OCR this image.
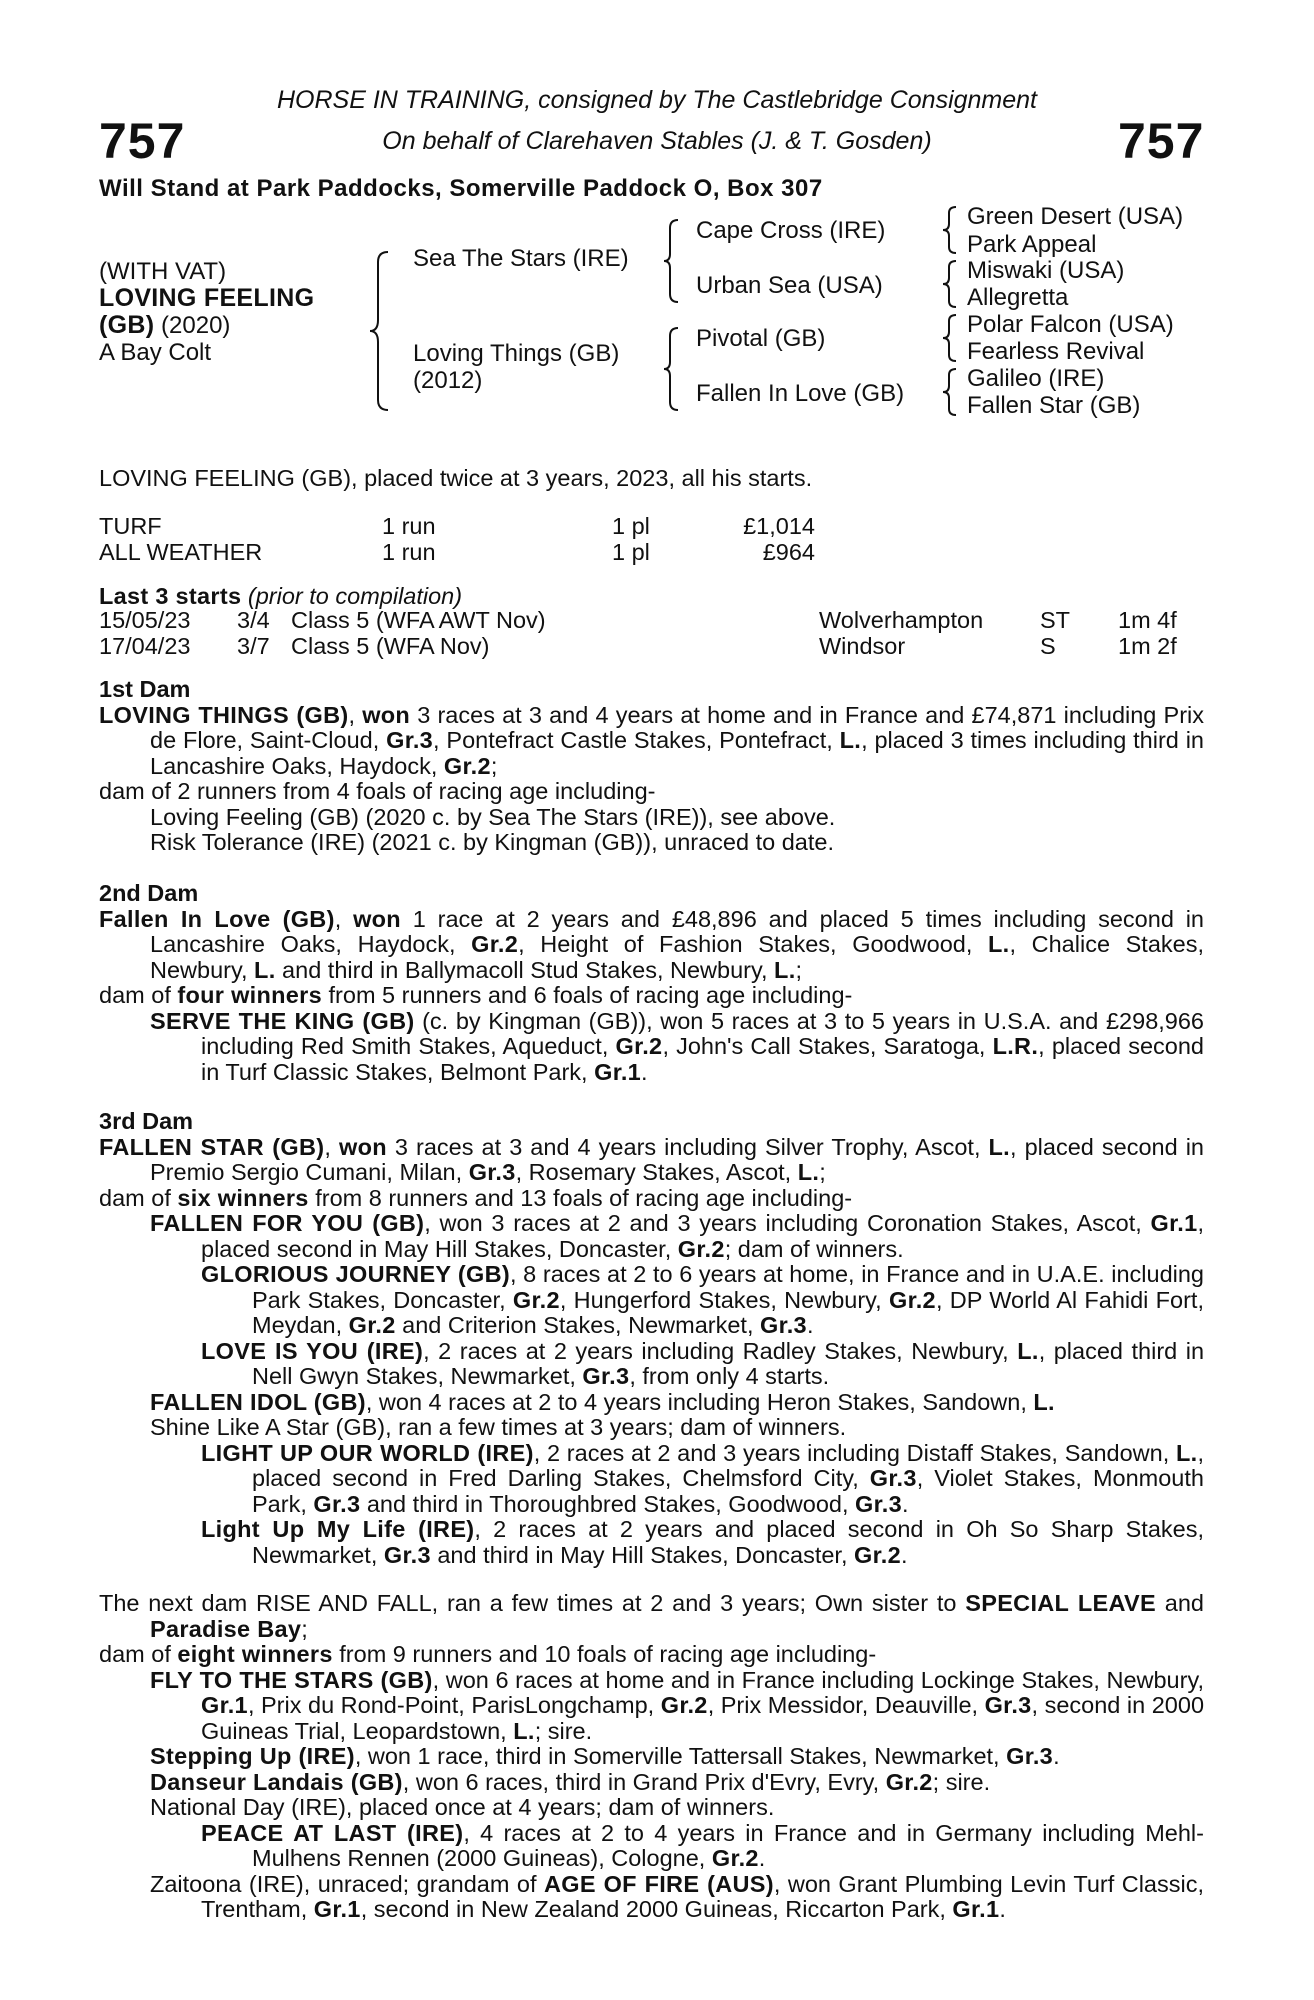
757	757
HORSE IN TRAINING, consigned by The Castlebridge Consignment
On behalf of Clarehaven Stables (J. & T. Gosden)
Will Stand at Park Paddocks, Somerville Paddock O, Box 307
(WITH VAT)
LOVING FEELING
(GB) (2020)
A Bay Colt
Sea The Stars (IRE)
Loving Things (GB)
(2012)
Cape Cross (IRE)
Urban Sea (USA)
Pivotal (GB)
Fallen In Love (GB)
Green Desert (USA)
Park Appeal
Miswaki (USA)
Allegretta
Polar Falcon (USA)
Fearless Revival
Galileo (IRE)
Fallen Star (GB)
LOVING FEELING (GB), placed twice at 3 years, 2023, all his starts.
TURF	1 run	1 pl	£1,014
ALL WEATHER	1 run	1 pl	£964
Last 3 starts (prior to compilation)
15/05/23	3/4	Class 5 (WFA AWT Nov)	Wolverhampton	ST	1m 4f
17/04/23	3/7	Class 5 (WFA Nov)	Windsor	S	1m 2f
1st Dam
LOVING THINGS (GB), won 3 races at 3 and 4 years at home and in France and £74,871 including Prix de Flore, Saint-Cloud, Gr.3, Pontefract Castle Stakes, Pontefract, L., placed 3 times including third in Lancashire Oaks, Haydock, Gr.2;
dam of 2 runners from 4 foals of racing age including-
Loving Feeling (GB) (2020 c. by Sea The Stars (IRE)), see above.
Risk Tolerance (IRE) (2021 c. by Kingman (GB)), unraced to date.
2nd Dam
Fallen In Love (GB), won 1 race at 2 years and £48,896 and placed 5 times including second in Lancashire Oaks, Haydock, Gr.2, Height of Fashion Stakes, Goodwood, L., Chalice Stakes, Newbury, L. and third in Ballymacoll Stud Stakes, Newbury, L.;
dam of four winners from 5 runners and 6 foals of racing age including-
SERVE THE KING (GB) (c. by Kingman (GB)), won 5 races at 3 to 5 years in U.S.A. and £298,966 including Red Smith Stakes, Aqueduct, Gr.2, John's Call Stakes, Saratoga, L.R., placed second in Turf Classic Stakes, Belmont Park, Gr.1.
3rd Dam
FALLEN STAR (GB), won 3 races at 3 and 4 years including Silver Trophy, Ascot, L., placed second in Premio Sergio Cumani, Milan, Gr.3, Rosemary Stakes, Ascot, L.;
dam of six winners from 8 runners and 13 foals of racing age including-
FALLEN FOR YOU (GB), won 3 races at 2 and 3 years including Coronation Stakes, Ascot, Gr.1, placed second in May Hill Stakes, Doncaster, Gr.2; dam of winners.
GLORIOUS JOURNEY (GB), 8 races at 2 to 6 years at home, in France and in U.A.E. including Park Stakes, Doncaster, Gr.2, Hungerford Stakes, Newbury, Gr.2, DP World Al Fahidi Fort, Meydan, Gr.2 and Criterion Stakes, Newmarket, Gr.3.
LOVE IS YOU (IRE), 2 races at 2 years including Radley Stakes, Newbury, L., placed third in Nell Gwyn Stakes, Newmarket, Gr.3, from only 4 starts.
FALLEN IDOL (GB), won 4 races at 2 to 4 years including Heron Stakes, Sandown, L.
Shine Like A Star (GB), ran a few times at 3 years; dam of winners.
LIGHT UP OUR WORLD (IRE), 2 races at 2 and 3 years including Distaff Stakes, Sandown, L., placed second in Fred Darling Stakes, Chelmsford City, Gr.3, Violet Stakes, Monmouth Park, Gr.3 and third in Thoroughbred Stakes, Goodwood, Gr.3.
Light Up My Life (IRE), 2 races at 2 years and placed second in Oh So Sharp Stakes, Newmarket, Gr.3 and third in May Hill Stakes, Doncaster, Gr.2.
The next dam RISE AND FALL, ran a few times at 2 and 3 years; Own sister to SPECIAL LEAVE and Paradise Bay;
dam of eight winners from 9 runners and 10 foals of racing age including-
FLY TO THE STARS (GB), won 6 races at home and in France including Lockinge Stakes, Newbury, Gr.1, Prix du Rond-Point, ParisLongchamp, Gr.2, Prix Messidor, Deauville, Gr.3, second in 2000 Guineas Trial, Leopardstown, L.; sire.
Stepping Up (IRE), won 1 race, third in Somerville Tattersall Stakes, Newmarket, Gr.3.
Danseur Landais (GB), won 6 races, third in Grand Prix d'Evry, Evry, Gr.2; sire.
National Day (IRE), placed once at 4 years; dam of winners.
PEACE AT LAST (IRE), 4 races at 2 to 4 years in France and in Germany including Mehl-Mulhens Rennen (2000 Guineas), Cologne, Gr.2.
Zaitoona (IRE), unraced; grandam of AGE OF FIRE (AUS), won Grant Plumbing Levin Turf Classic, Trentham, Gr.1, second in New Zealand 2000 Guineas, Riccarton Park, Gr.1.
